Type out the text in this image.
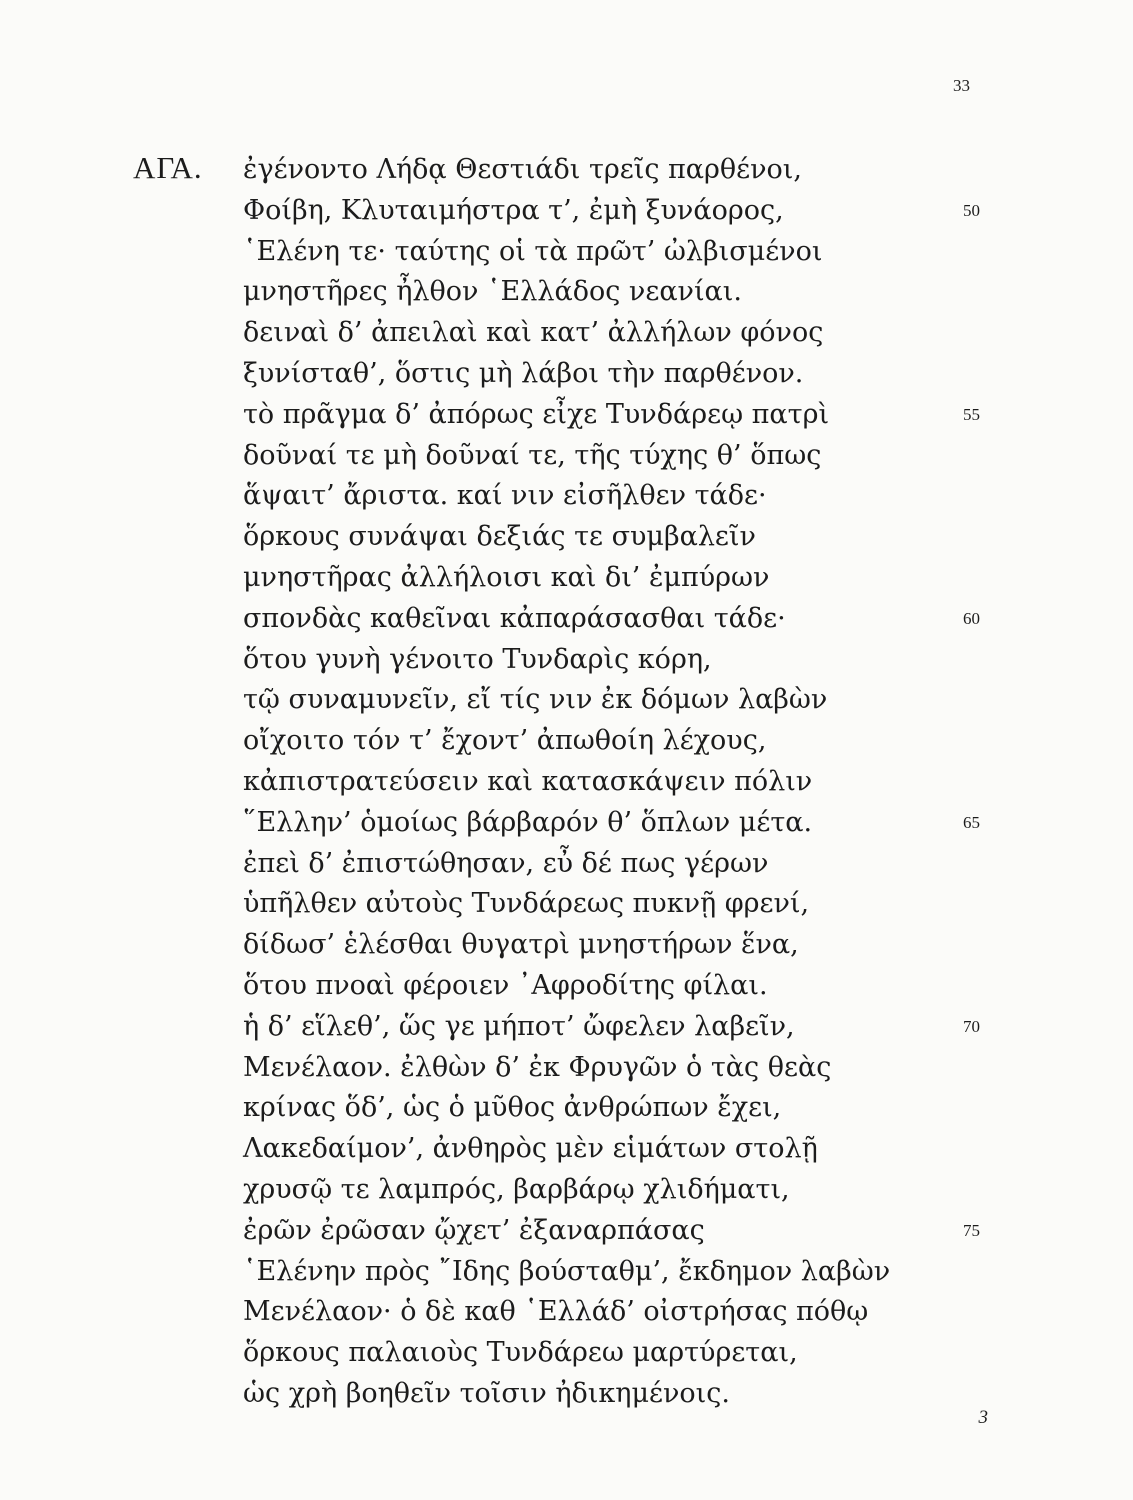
33
ΑΓΑ. ἐγένοντο Λήδᾳ Θεστιάδι τρεῖς παρθένοι,
Φοίβη, Κλυταιμήστρα τ’, ἐμὴ ξυνάορος,
῾Ελένη τε· ταύτης οἱ τὰ πρῶτ’ ὠλβισμένοι
μνηστῆρες ἦλθον ῾Ελλάδος νεανίαι.
δειναὶ δ’ ἀπειλαὶ καὶ κατ’ ἀλλήλων φόνος
ξυνίσταθ’, ὅστις μὴ λάβοι τὴν παρθένον.
τὸ πρᾶγμα δ’ ἀπόρως εἶχε Τυνδάρεῳ πατρὶ
δοῦναί τε μὴ δοῦναί τε, τῆς τύχης θ’ ὅπως
ἅψαιτ’ ἄριστα. καί νιν εἰσῆλθεν τάδε·
ὅρκους συνάψαι δεξιάς τε συμβαλεῖν
μνηστῆρας ἀλλήλοισι καὶ δι’ ἐμπύρων
σπονδὰς καθεῖναι κἀπαράσασθαι τάδε·
ὅτου γυνὴ γένοιτο Τυνδαρὶς κόρη,
τῷ συναμυνεῖν, εἴ τίς νιν ἐκ δόμων λαβὼν
οἴχοιτο τόν τ’ ἔχοντ’ ἀπωθοίη λέχους,
κἀπιστρατεύσειν καὶ κατασκάψειν πόλιν
῞Ελλην’ ὁμοίως βάρβαρόν θ’ ὅπλων μέτα.
ἐπεὶ δ’ ἐπιστώθησαν, εὖ δέ πως γέρων
ὑπῆλθεν αὐτοὺς Τυνδάρεως πυκνῇ φρενί,
δίδωσ’ ἑλέσθαι θυγατρὶ μνηστήρων ἕνα,
ὅτου πνοαὶ φέροιεν ᾿Αφροδίτης φίλαι.
ἡ δ’ εἵλεθ’, ὥς γε μήποτ’ ὤφελεν λαβεῖν,
Μενέλαον. ἐλθὼν δ’ ἐκ Φρυγῶν ὁ τὰς θεὰς
κρίνας ὅδ’, ὡς ὁ μῦθος ἀνθρώπων ἔχει,
Λακεδαίμον’, ἀνθηρὸς μὲν εἱμάτων στολῇ
χρυσῷ τε λαμπρός, βαρβάρῳ χλιδήματι,
ἐρῶν ἐρῶσαν ᾤχετ’ ἐξαναρπάσας
῾Ελένην πρὸς ῎Ιδης βούσταθμ’, ἔκδημον λαβὼν
Μενέλαον· ὁ δὲ καθ ῾Ελλάδ’ οἰστρήσας πόθῳ
ὅρκους παλαιοὺς Τυνδάρεω μαρτύρεται,
ὡς χρὴ βοηθεῖν τοῖσιν ἠδικημένοις.
50
55
60
65
70
75
3
